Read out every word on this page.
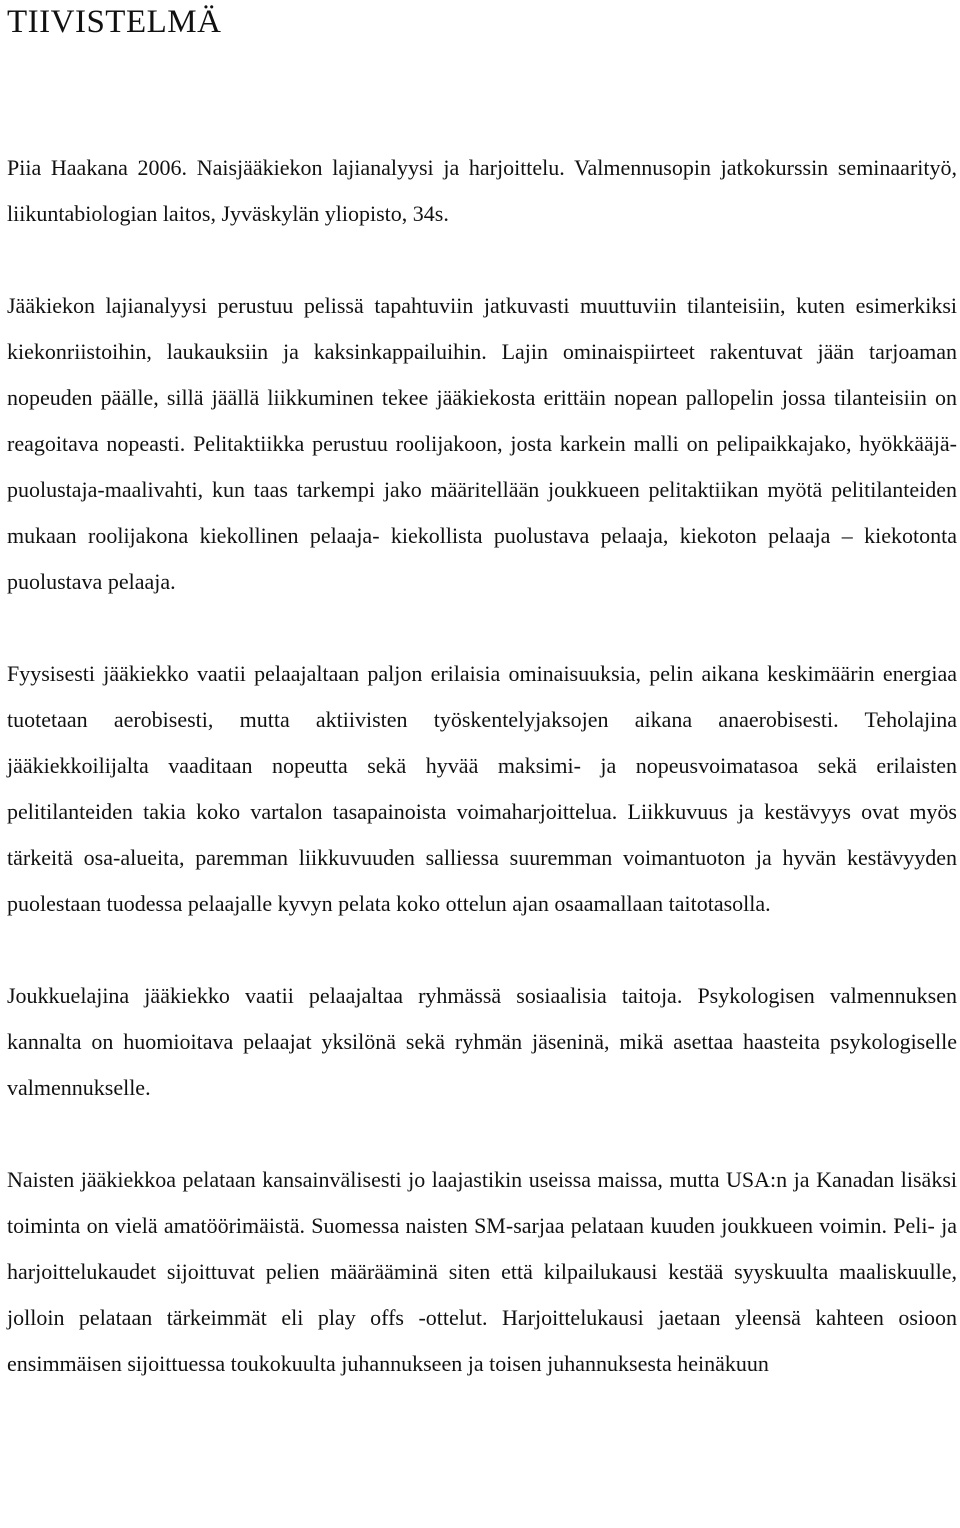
TIIVISTELMÄ

Piia Haakana 2006. Naisjääkiekon lajianalyysi ja harjoittelu. Valmennusopin jatkokurssin seminaarityö, liikuntabiologian laitos, Jyväskylän yliopisto, 34s.

Jääkiekon lajianalyysi perustuu pelissä tapahtuviin jatkuvasti muuttuviin tilanteisiin, kuten esimerkiksi kiekonriistoihin, laukauksiin ja kaksinkappailuihin. Lajin ominaispiirteet rakentuvat jään tarjoaman nopeuden päälle, sillä jäällä liikkuminen tekee jääkiekosta erittäin nopean pallopelin jossa tilanteisiin on reagoitava nopeasti. Pelitaktiikka perustuu roolijakoon, josta karkein malli on pelipaikkajako, hyökkääjä-puolustaja-maalivahti, kun taas tarkempi jako määritellään joukkueen pelitaktiikan myötä pelitilanteiden mukaan roolijakona kiekollinen pelaaja- kiekollista puolustava pelaaja, kiekoton pelaaja – kiekotonta puolustava pelaaja.

Fyysisesti jääkiekko vaatii pelaajaltaan paljon erilaisia ominaisuuksia, pelin aikana keskimäärin energiaa tuotetaan aerobisesti, mutta aktiivisten työskentelyjaksojen aikana anaerobisesti. Teholajina jääkiekkoilijalta vaaditaan nopeutta sekä hyvää maksimi- ja nopeusvoimatasoa sekä erilaisten pelitilanteiden takia koko vartalon tasapainoista voimaharjoittelua. Liikkuvuus ja kestävyys ovat myös tärkeitä osa-alueita, paremman liikkuvuuden salliessa suuremman voimantuoton ja hyvän kestävyyden puolestaan tuodessa pelaajalle kyvyn pelata koko ottelun ajan osaamallaan taitotasolla.

Joukkuelajina jääkiekko vaatii pelaajaltaa ryhmässä sosiaalisia taitoja. Psykologisen valmennuksen kannalta on huomioitava pelaajat yksilönä sekä ryhmän jäseninä, mikä asettaa haasteita psykologiselle valmennukselle.

Naisten jääkiekkoa pelataan kansainvälisesti jo laajastikin useissa maissa, mutta USA:n ja Kanadan lisäksi toiminta on vielä amatöörimäistä. Suomessa naisten SM-sarjaa pelataan kuuden joukkueen voimin. Peli- ja harjoittelukaudet sijoittuvat pelien määrääminä siten että kilpailukausi kestää syyskuulta maaliskuulle, jolloin pelataan tärkeimmät eli play offs -ottelut. Harjoittelukausi jaetaan yleensä kahteen osioon ensimmäisen sijoittuessa toukokuulta juhannukseen ja toisen juhannuksesta heinäkuun
